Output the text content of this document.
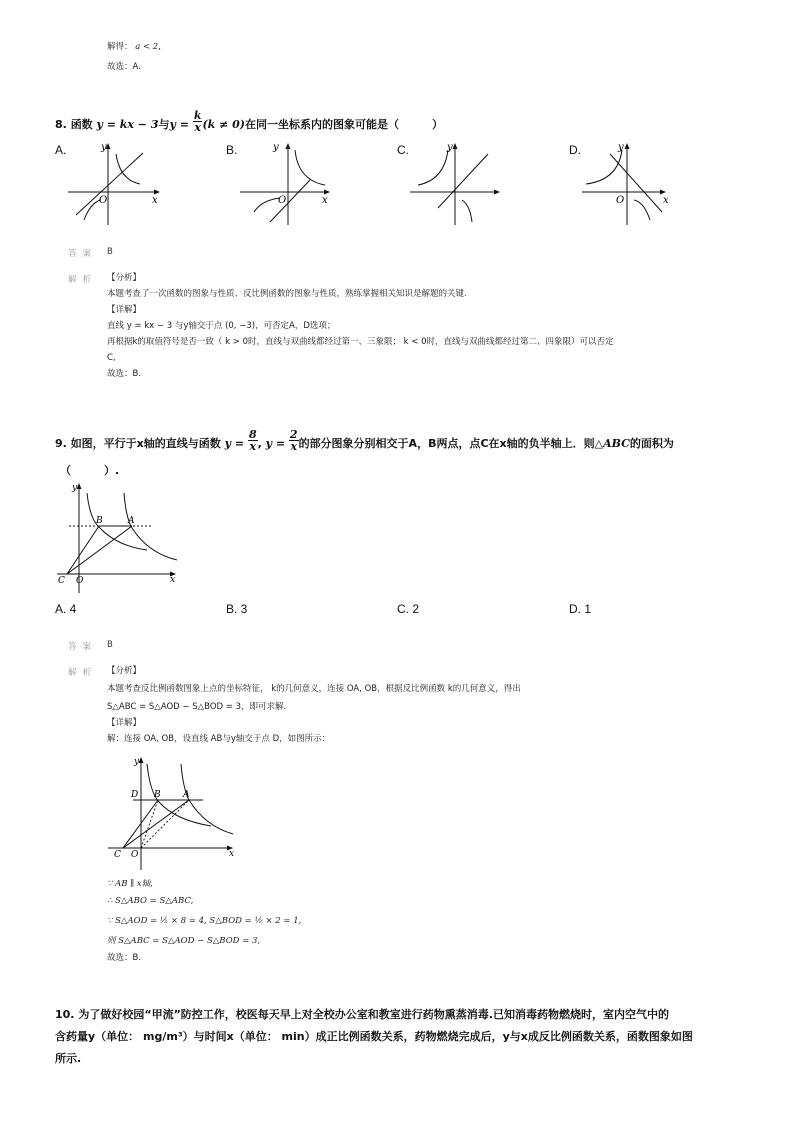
解得： a < 2,
故选：A.
8. 函数 y = kx − 3与$y = \frac{k}{x} (k \ne 0)$在同一坐标系内的图象可能是（　　　）
A.	B.	C.	D.
y
x
O
y
x
O
y	y
x
O
答案 B
解析 【分析】
本题考查了一次函数的图象与性质、反比例函数的图象与性质，熟练掌握相关知识是解题的关键.
【详解】
直线 y = kx − 3 与y轴交于点 (0, −3)，可否定A，D选项；
再根据k的取值符号是否一致（ k > 0时，直线与双曲线都经过第一、三象限； k < 0时，直线与双曲线都经过第二、四象限）可以否定
C,
故选：B.
9. 如图，平行于x轴的直线与函数 $y = \frac{8}{x}$ , $y = \frac{2}{x}$ 的部分图象分别相交于A，B两点，点C在x轴的负半轴上．则△ABC的面积为
（　　　）.
y
x
B	A
C O
A. 4	B. 3	C. 2	D. 1
答案 B
解析 【分析】
本题考查反比例函数图象上点的坐标特征， k的几何意义，连接 OA, OB，根据反比例函数 k的几何意义，得出
S△ABC = S△AOD − S△BOD = 3，即可求解.
【详解】
解：连接 OA, OB，设直线 AB与y轴交于点 D，如图所示：
y
x
D B A
C O
∵ AB ∥ x轴,
∴ S△ABO = S△ABC,
∵ S△AOD = ½ × 8 = 4, S△BOD = ½ × 2 = 1,
则 S△ABC = S△AOD − S△BOD = 3,
故选：B.
10. 为了做好校园“甲流”防控工作，校医每天早上对全校办公室和教室进行药物熏蒸消毒.已知消毒药物燃烧时，室内空气中的
含药量y（单位： mg/m³）与时间x（单位： min）成正比例函数关系，药物燃烧完成后，y与x成反比例函数关系，函数图象如图
所示.
